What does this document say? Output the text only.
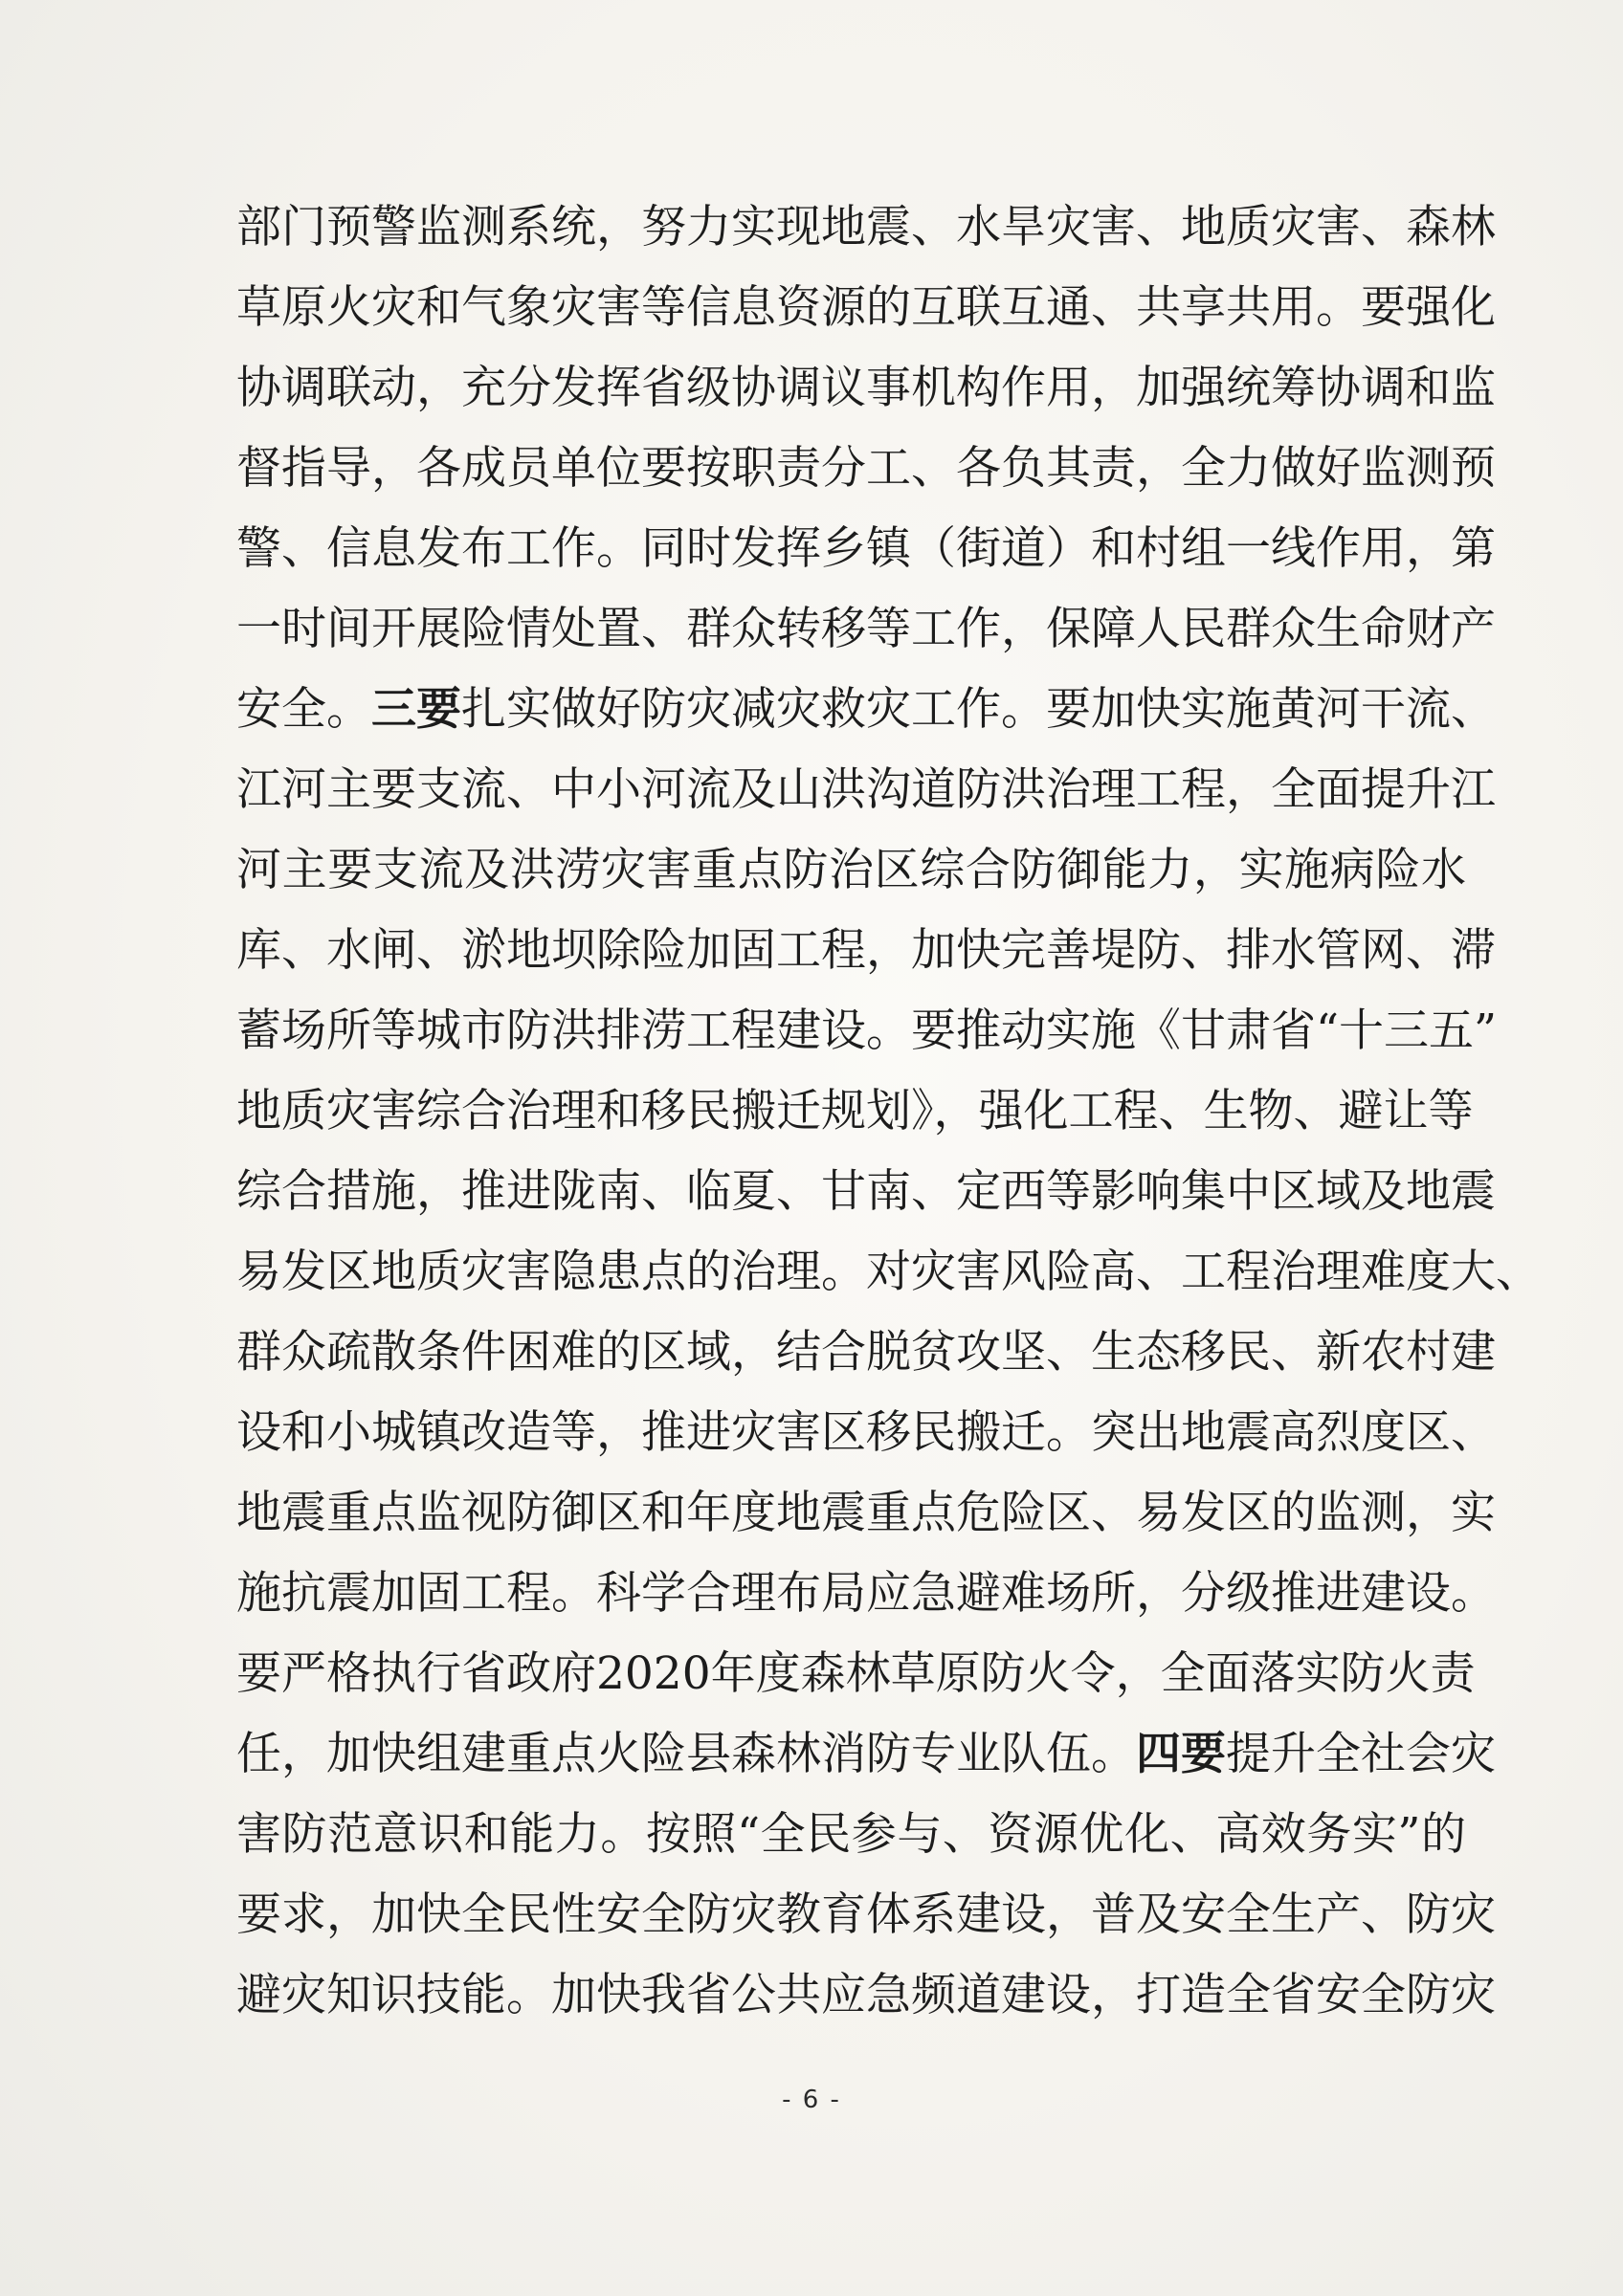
部门预警监测系统，努力实现地震、水旱灾害、地质灾害、森林
草原火灾和气象灾害等信息资源的互联互通、共享共用。要强化
协调联动，充分发挥省级协调议事机构作用，加强统筹协调和监
督指导，各成员单位要按职责分工、各负其责，全力做好监测预
警、信息发布工作。同时发挥乡镇（街道）和村组一线作用，第
一时间开展险情处置、群众转移等工作，保障人民群众生命财产
安全。三要扎实做好防灾减灾救灾工作。要加快实施黄河干流、
江河主要支流、中小河流及山洪沟道防洪治理工程，全面提升江
河主要支流及洪涝灾害重点防治区综合防御能力，实施病险水
库、水闸、淤地坝除险加固工程，加快完善堤防、排水管网、滞
蓄场所等城市防洪排涝工程建设。要推动实施《甘肃省“十三五”
地质灾害综合治理和移民搬迁规划》，强化工程、生物、避让等
综合措施，推进陇南、临夏、甘南、定西等影响集中区域及地震
易发区地质灾害隐患点的治理。对灾害风险高、工程治理难度大、
群众疏散条件困难的区域，结合脱贫攻坚、生态移民、新农村建
设和小城镇改造等，推进灾害区移民搬迁。突出地震高烈度区、
地震重点监视防御区和年度地震重点危险区、易发区的监测，实
施抗震加固工程。科学合理布局应急避难场所，分级推进建设。
要严格执行省政府2020年度森林草原防火令，全面落实防火责
任，加快组建重点火险县森林消防专业队伍。四要提升全社会灾
害防范意识和能力。按照“全民参与、资源优化、高效务实”的
要求，加快全民性安全防灾教育体系建设，普及安全生产、防灾
避灾知识技能。加快我省公共应急频道建设，打造全省安全防灾
- 6 -
